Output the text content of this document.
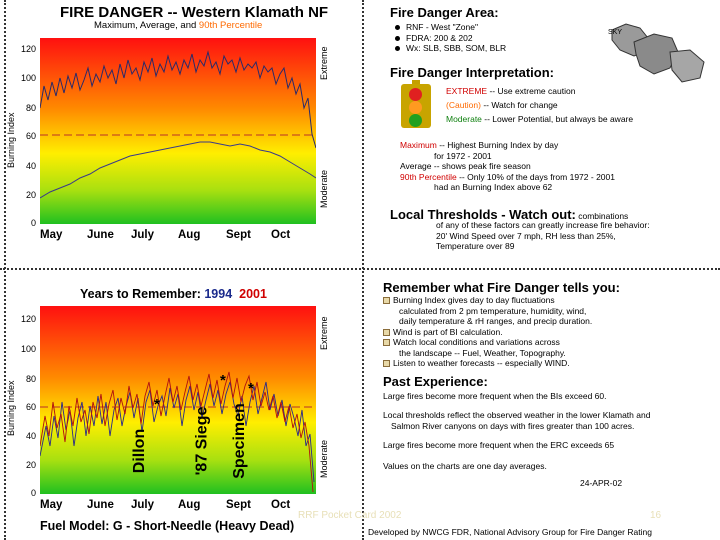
FIRE DANGER -- Western Klamath NF
Maximum, Average, and 90th Percentile
120
100
80
60
40
20
0
Burning Index
Extreme
Moderate
May June July Aug Sept Oct
Fire Danger Area:
RNF - West "Zone"
FDRA: 200 & 202
Wx: SLB, SBB, SOM, BLR
SKY
Fire Danger Interpretation:
EXTREME -- Use extreme caution
(Caution) -- Watch for change
Moderate -- Lower Potential, but always be aware
Maximum -- Highest Burning Index by day
for 1972 - 2001
Average -- shows peak fire season
90th Percentile -- Only 10% of the days from 1972 - 2001
had an Burning Index above 62
Local Thresholds - Watch out: combinations
of any of these factors can greatly increase fire behavior:
20' Wind Speed over 7 mph, RH less than 25%,
Temperature over 89
Years to Remember: 1994 2001
Dillon	'87 Siege Specimen
*
* *
120
100
80
60
40
20
0
Burning Index
Extreme
Moderate
May June July Aug Sept Oct
Fuel Model: G - Short-Needle (Heavy Dead)
Remember what Fire Danger tells you:
Burning Index gives day to day fluctuations
calculated from 2 pm temperature, humidity, wind,
daily temperature & rH ranges, and precip duration.
Wind is part of BI calculation.
Watch local conditions and variations across
the landscape -- Fuel, Weather, Topography.
Listen to weather forecasts -- especially WIND.
Past Experience:
Large fires become more frequent when the BIs exceed 60.
Local thresholds reflect the observed weather in the lower Klamath and
Salmon River canyons on days with fires greater than 100 acres.
Large fires become more frequent when the ERC exceeds 65
Values on the charts are one day averages.
24-APR-02
RRF Pocket Card 2002	16
Developed by NWCG FDR, National Advisory Group for Fire Danger Rating
